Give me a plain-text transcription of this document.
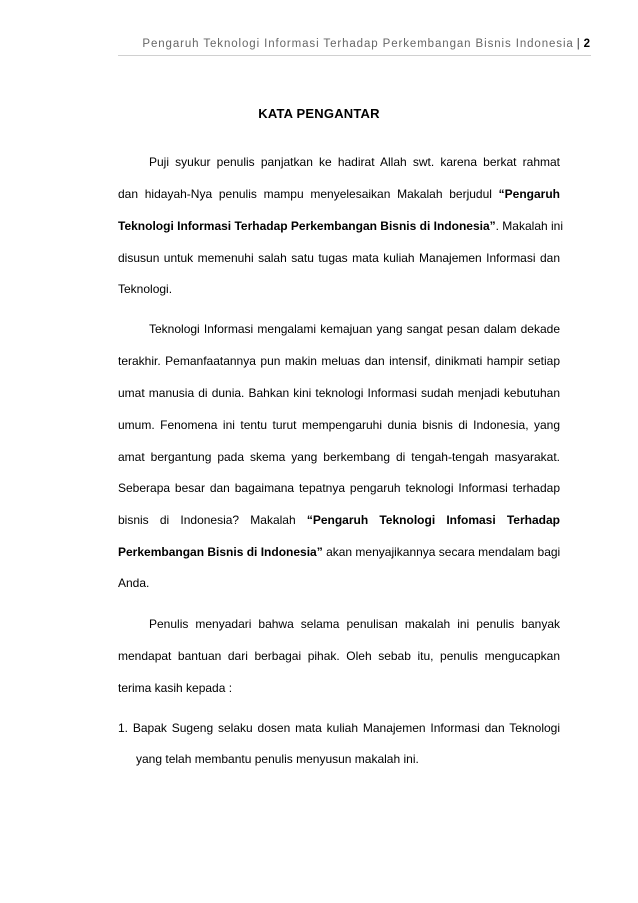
Pengaruh Teknologi Informasi Terhadap Perkembangan Bisnis Indonesia | 2
KATA PENGANTAR
Puji syukur penulis panjatkan ke hadirat Allah swt. karena berkat rahmat
dan hidayah-Nya penulis mampu menyelesaikan Makalah berjudul “Pengaruh
Teknologi Informasi Terhadap Perkembangan Bisnis di Indonesia”. Makalah ini
disusun untuk memenuhi salah satu tugas mata kuliah Manajemen Informasi dan
Teknologi.
Teknologi Informasi mengalami kemajuan yang sangat pesan dalam dekade
terakhir. Pemanfaatannya pun makin meluas dan intensif, dinikmati hampir setiap
umat manusia di dunia. Bahkan kini teknologi Informasi sudah menjadi kebutuhan
umum. Fenomena ini tentu turut mempengaruhi dunia bisnis di Indonesia, yang
amat bergantung pada skema yang berkembang di tengah-tengah masyarakat.
Seberapa besar dan bagaimana tepatnya pengaruh teknologi Informasi terhadap
bisnis di Indonesia? Makalah “Pengaruh Teknologi Infomasi Terhadap
Perkembangan Bisnis di Indonesia” akan menyajikannya secara mendalam bagi
Anda.
Penulis menyadari bahwa selama penulisan makalah ini penulis banyak
mendapat bantuan dari berbagai pihak. Oleh sebab itu, penulis mengucapkan
terima kasih kepada :
1. Bapak Sugeng selaku dosen mata kuliah Manajemen Informasi dan Teknologi
yang telah membantu penulis menyusun makalah ini.
